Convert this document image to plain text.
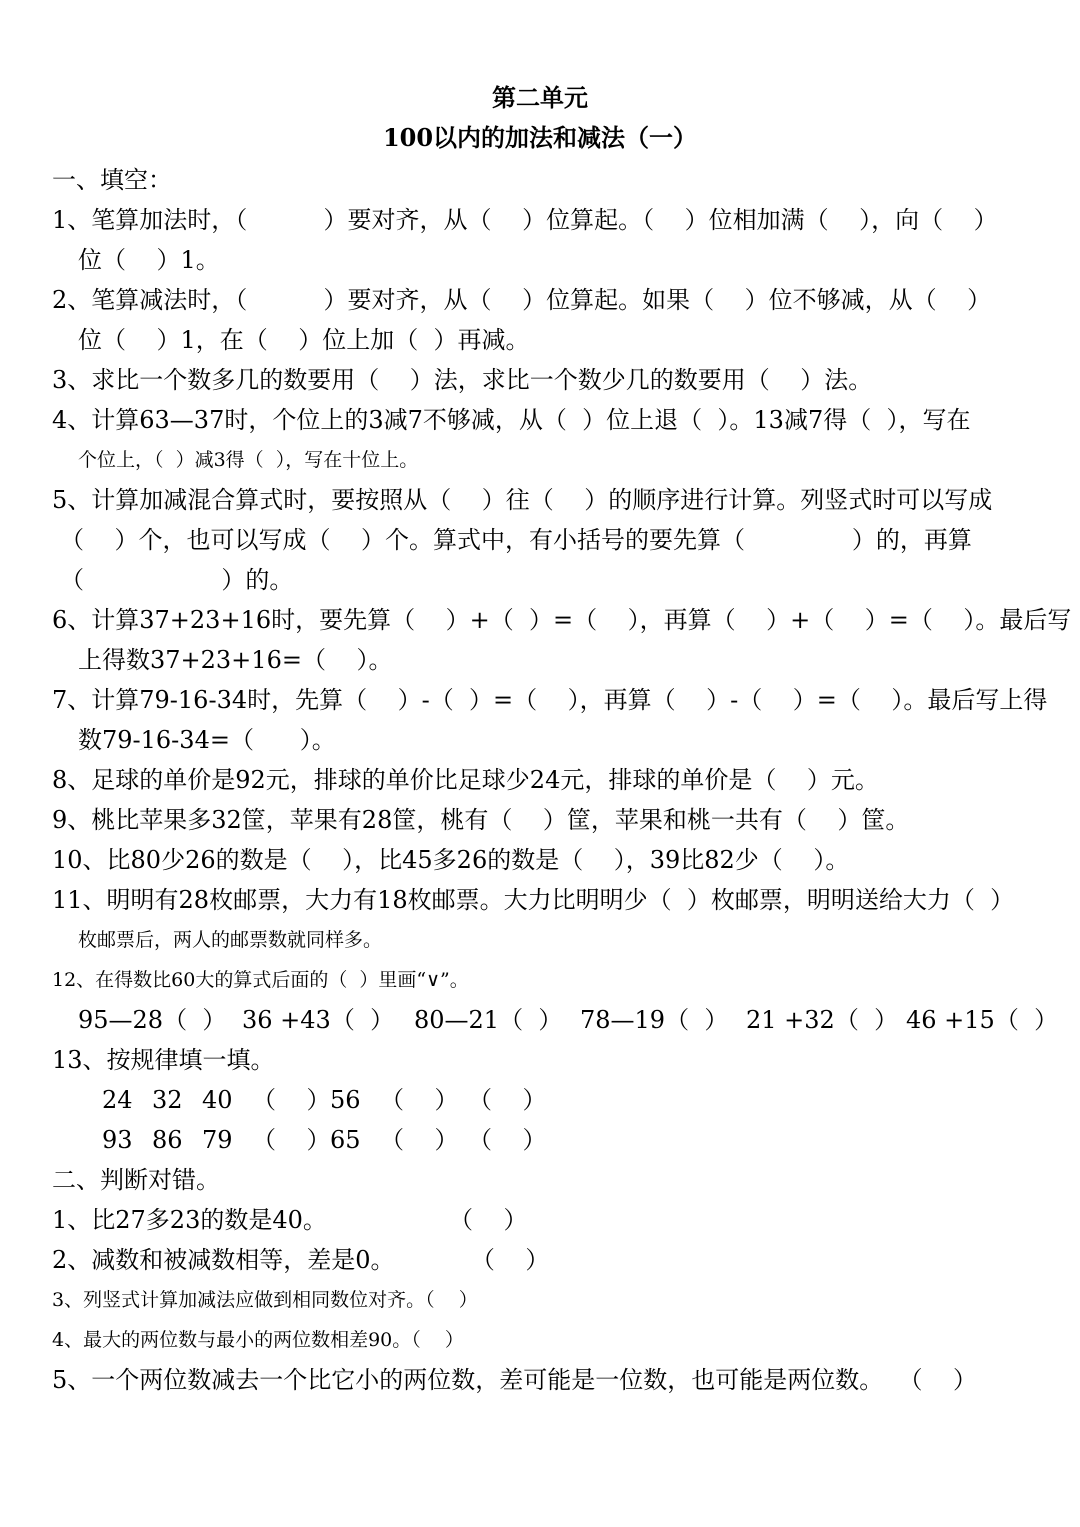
第二单元
100以内的加法和减法（一）
一、填空：
1、笔算加法时，（          ）要对齐，从（    ）位算起。（    ）位相加满（    ），向（    ）
位（    ）1。
2、笔算减法时，（          ）要对齐，从（    ）位算起。如果（    ）位不够减，从（    ）
位（    ）1，在（    ）位上加（  ）再减。
3、求比一个数多几的数要用（    ）法，求比一个数少几的数要用（    ）法。
4、计算63—37时，个位上的3减7不够减，从（  ）位上退（  ）。13减7得（  ），写在
个位上，（  ）减3得（  ），写在十位上。
5、计算加减混合算式时，要按照从（    ）往（    ）的顺序进行计算。列竖式时可以写成
（    ）个，也可以写成（    ）个。算式中，有小括号的要先算（              ）的，再算
（                  ）的。
6、计算37+23+16时，要先算（    ）+（  ）=（    ），再算（    ）+（    ）=（    ）。最后写
上得数37+23+16=（    ）。
7、计算79-16-34时，先算（    ）-（  ）=（    ），再算（    ）-（    ）=（    ）。最后写上得
数79-16-34=（      ）。
8、足球的单价是92元，排球的单价比足球少24元，排球的单价是（    ）元。
9、桃比苹果多32筐，苹果有28筐，桃有（    ）筐，苹果和桃一共有（    ）筐。
10、比80少26的数是（    ），比45多26的数是（    ），39比82少（    ）。
11、明明有28枚邮票，大力有18枚邮票。大力比明明少（  ）枚邮票，明明送给大力（  ）
枚邮票后，两人的邮票数就同样多。
12、在得数比60大的算式后面的（  ）里画“∨”。

95—28（  ）

36 +43（  ）

80—21（  ）

78—19（  ）

21 +32（  ）

46 +15（  ）

13、按规律填一填。

24

32

40

（    ）

56

（    ）

（    ）

93

86

79

（    ）

65

（    ）

（    ）

二、判断对错。
1、比27多23的数是40。                （    ）
2、减数和被减数相等，差是0。          （    ）
3、列竖式计算加减法应做到相同数位对齐。（    ）
4、最大的两位数与最小的两位数相差90。（    ）
5、一个两位数减去一个比它小的两位数，差可能是一位数，也可能是两位数。  （    ）
